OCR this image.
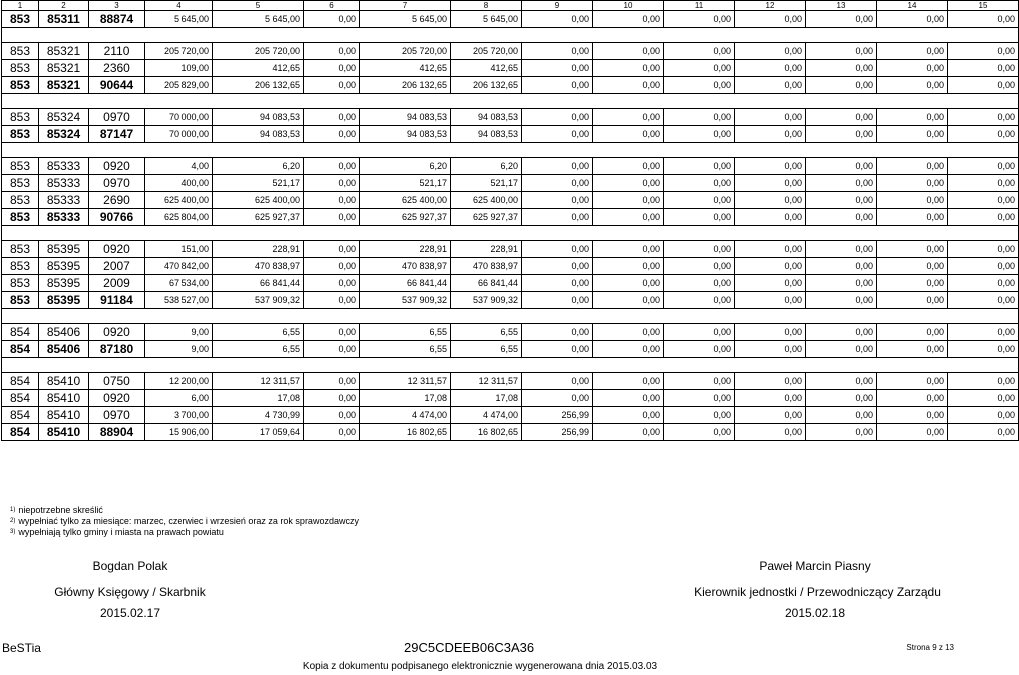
1	2	3	4	5	6	7	8	9	10	11	12	13	14	15
853	85311	88874	5 645,00	5 645,00	0,00	5 645,00	5 645,00	0,00	0,00	0,00	0,00	0,00	0,00	0,00

853	85321	2110	205 720,00	205 720,00	0,00	205 720,00	205 720,00	0,00	0,00	0,00	0,00	0,00	0,00	0,00
853	85321	2360	109,00	412,65	0,00	412,65	412,65	0,00	0,00	0,00	0,00	0,00	0,00	0,00
853	85321	90644	205 829,00	206 132,65	0,00	206 132,65	206 132,65	0,00	0,00	0,00	0,00	0,00	0,00	0,00

853	85324	0970	70 000,00	94 083,53	0,00	94 083,53	94 083,53	0,00	0,00	0,00	0,00	0,00	0,00	0,00
853	85324	87147	70 000,00	94 083,53	0,00	94 083,53	94 083,53	0,00	0,00	0,00	0,00	0,00	0,00	0,00

853	85333	0920	4,00	6,20	0,00	6,20	6,20	0,00	0,00	0,00	0,00	0,00	0,00	0,00
853	85333	0970	400,00	521,17	0,00	521,17	521,17	0,00	0,00	0,00	0,00	0,00	0,00	0,00
853	85333	2690	625 400,00	625 400,00	0,00	625 400,00	625 400,00	0,00	0,00	0,00	0,00	0,00	0,00	0,00
853	85333	90766	625 804,00	625 927,37	0,00	625 927,37	625 927,37	0,00	0,00	0,00	0,00	0,00	0,00	0,00

853	85395	0920	151,00	228,91	0,00	228,91	228,91	0,00	0,00	0,00	0,00	0,00	0,00	0,00
853	85395	2007	470 842,00	470 838,97	0,00	470 838,97	470 838,97	0,00	0,00	0,00	0,00	0,00	0,00	0,00
853	85395	2009	67 534,00	66 841,44	0,00	66 841,44	66 841,44	0,00	0,00	0,00	0,00	0,00	0,00	0,00
853	85395	91184	538 527,00	537 909,32	0,00	537 909,32	537 909,32	0,00	0,00	0,00	0,00	0,00	0,00	0,00

854	85406	0920	9,00	6,55	0,00	6,55	6,55	0,00	0,00	0,00	0,00	0,00	0,00	0,00
854	85406	87180	9,00	6,55	0,00	6,55	6,55	0,00	0,00	0,00	0,00	0,00	0,00	0,00

854	85410	0750	12 200,00	12 311,57	0,00	12 311,57	12 311,57	0,00	0,00	0,00	0,00	0,00	0,00	0,00
854	85410	0920	6,00	17,08	0,00	17,08	17,08	0,00	0,00	0,00	0,00	0,00	0,00	0,00
854	85410	0970	3 700,00	4 730,99	0,00	4 474,00	4 474,00	256,99	0,00	0,00	0,00	0,00	0,00	0,00
854	85410	88904	15 906,00	17 059,64	0,00	16 802,65	16 802,65	256,99	0,00	0,00	0,00	0,00	0,00	0,00
$^{1)}$ niepotrzebne skreślić
$^{2)}$ wypełniać tylko za miesiące: marzec, czerwiec i wrzesień oraz za rok sprawozdawczy
$^{3)}$ wypełniają tylko gminy i miasta na prawach powiatu
Bogdan Polak
Główny Księgowy / Skarbnik
2015.02.17
Paweł Marcin Piasny
Kierownik jednostki / Przewodniczący Zarządu
2015.02.18
BeSTia	29C5CDEEB06C3A36	Strona 9 z 13
Kopia z dokumentu podpisanego elektronicznie wygenerowana dnia 2015.03.03
